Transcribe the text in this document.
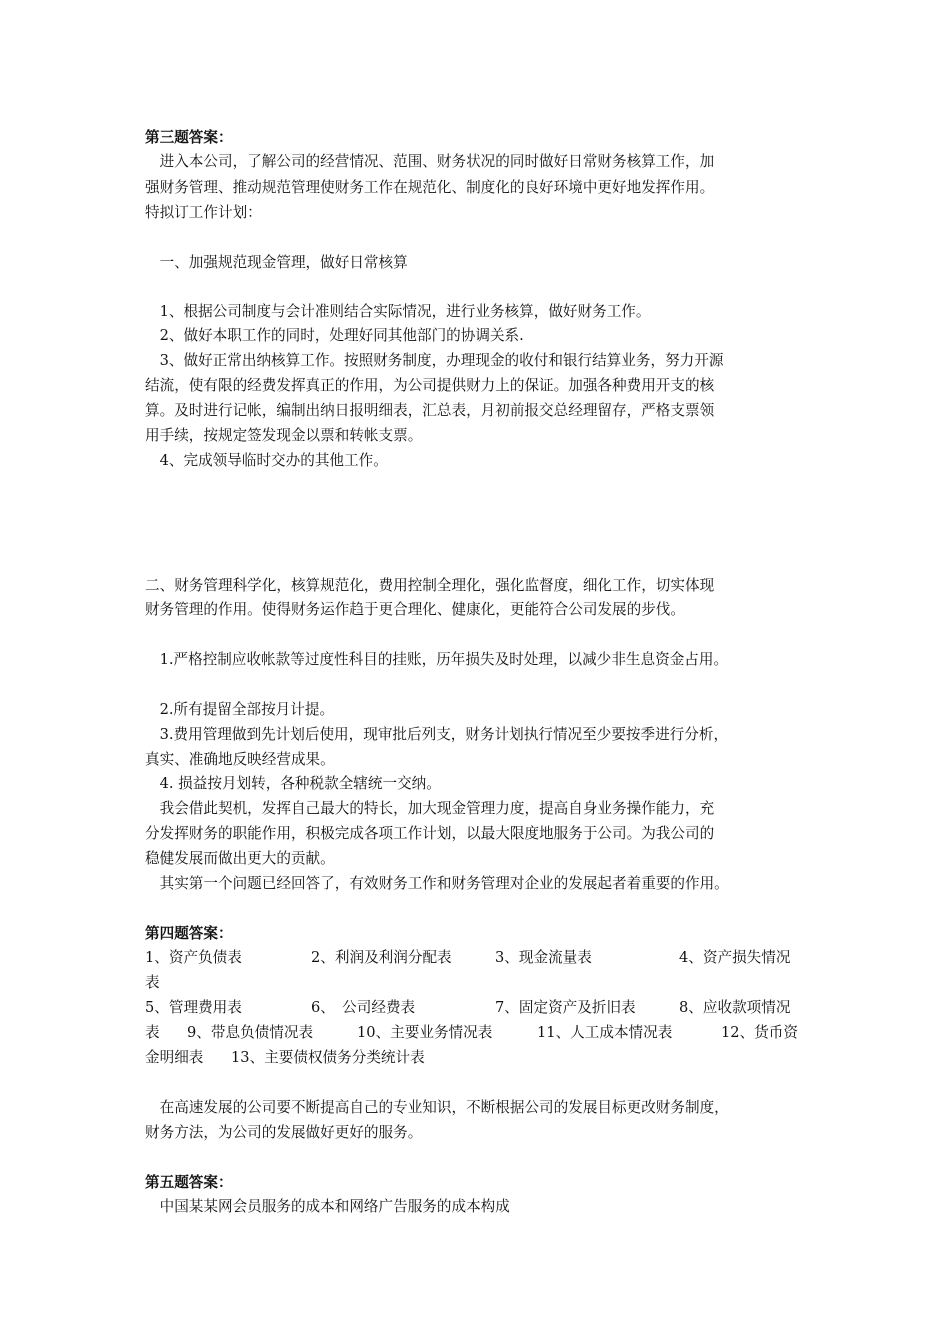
第三题答案：
　进入本公司，了解公司的经营情况、范围、财务状况的同时做好日常财务核算工作，加
强财务管理、推动规范管理使财务工作在规范化、制度化的良好环境中更好地发挥作用。
特拟订工作计划：
　一、加强规范现金管理，做好日常核算
　1、根据公司制度与会计准则结合实际情况，进行业务核算，做好财务工作。
　2、做好本职工作的同时，处理好同其他部门的协调关系.
　3、做好正常出纳核算工作。按照财务制度，办理现金的收付和银行结算业务，努力开源
结流，使有限的经费发挥真正的作用，为公司提供财力上的保证。加强各种费用开支的核
算。及时进行记帐，编制出纳日报明细表，汇总表，月初前报交总经理留存，严格支票领
用手续，按规定签发现金以票和转帐支票。
　4、完成领导临时交办的其他工作。
二、财务管理科学化，核算规范化，费用控制全理化，强化监督度，细化工作，切实体现
财务管理的作用。使得财务运作趋于更合理化、健康化，更能符合公司发展的步伐。
　1.严格控制应收帐款等过度性科目的挂账，历年损失及时处理，以减少非生息资金占用。
　2.所有提留全部按月计提。
　3.费用管理做到先计划后使用，现审批后列支，财务计划执行情况至少要按季进行分析，
真实、准确地反映经营成果。
　4. 损益按月划转，各种税款全辖统一交纳。
　我会借此契机，发挥自己最大的特长，加大现金管理力度，提高自身业务操作能力，充
分发挥财务的职能作用，积极完成各项工作计划，以最大限度地服务于公司。为我公司的
稳健发展而做出更大的贡献。
　其实第一个问题已经回答了，有效财务工作和财务管理对企业的发展起者着重要的作用。
第四题答案：
1、资产负债表	2、利润及利润分配表	3、现金流量表	4、资产损失情况
表
5、管理费用表	6、　公司经费表	7、固定资产及折旧表	8、应收款项情况
表 9、带息负债情况表	10、主要业务情况表	11、人工成本情况表	12、货币资
金明细表 13、主要债权债务分类统计表
　在高速发展的公司要不断提高自己的专业知识，不断根据公司的发展目标更改财务制度，
财务方法，为公司的发展做好更好的服务。
第五题答案：
　中国某某网会员服务的成本和网络广告服务的成本构成
